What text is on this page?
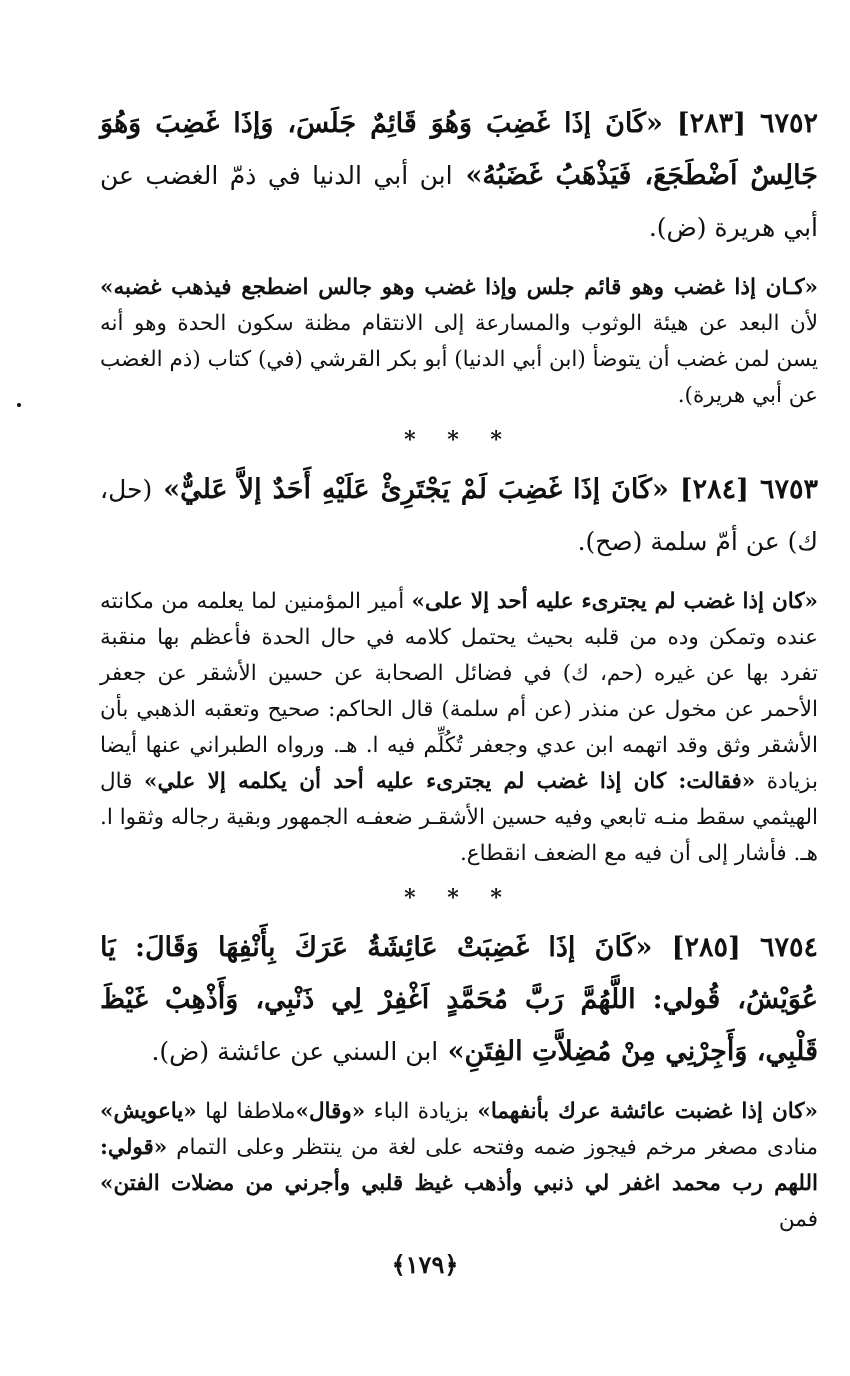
٦٧٥٢ [٢٨٣] «كَانَ إذَا غَضِبَ وَهُوَ قَائِمٌ جَلَسَ، وَإذَا غَضِبَ وَهُوَ جَالِسٌ اَضْطَجَعَ، فَيَذْهَبُ غَضَبُهُ» ابن أبي الدنيا في ذمّ الغضب عن أبي هريرة (ض).

«كـان إذا غضب وهو قائم جلس وإذا غضب وهو جالس اضطجع فيذهب غضبه» لأن البعد عن هيئة الوثوب والمسارعة إلى الانتقام مظنة سكون الحدة وهو أنه يسن لمن غضب أن يتوضأ (ابن أبي الدنيا) أبو بكر القرشي (في) كتاب (ذم الغضب عن أبي هريرة).

* * *

٦٧٥٣ [٢٨٤] «كَانَ إذَا غَضِبَ لَمْ يَجْتَرِئْ عَلَيْهِ أَحَدٌ إلاَّ عَليٌّ» (حل، ك) عن أمّ سلمة (صح).

«كان إذا غضب لم يجترىء عليه أحد إلا على» أمير المؤمنين لما يعلمه من مكانته عنده وتمكن وده من قلبه بحيث يحتمل كلامه في حال الحدة فأعظم بها منقبة تفرد بها عن غيره (حم، ك) في فضائل الصحابة عن حسين الأشقر عن جعفر الأحمر عن مخول عن منذر (عن أم سلمة) قال الحاكم: صحيح وتعقبه الذهبي بأن الأشقر وثق وقد اتهمه ابن عدي وجعفر تُكُلِّم فيه ا. هـ. ورواه الطبراني عنها أيضا بزيادة «فقالت: كان إذا غضب لم يجترىء عليه أحد أن يكلمه إلا علي» قال الهيثمي سقط منـه تابعي وفيه حسين الأشقـر ضعفـه الجمهور وبقية رجاله وثقوا ا. هـ. فأشار إلى أن فيه مع الضعف انقطاع.

* * *

٦٧٥٤ [٢٨٥] «كَانَ إذَا غَضِبَتْ عَائِشَةُ عَرَكَ بِأَنْفِهَا وَقَالَ: يَا عُوَيْشُ، قُولي: اللَّهُمَّ رَبَّ مُحَمَّدٍ اَغْفِرْ لِي ذَنْبِي، وَأَذْهِبْ غَيْظَ قَلْبِي، وَأَجِرْنِي مِنْ مُضِلاَّتِ الفِتَنِ» ابن السني عن عائشة (ض).

«كان إذا غضبت عائشة عرك بأنفهما» بزيادة الباء «وقال»ملاطفا لها «ياعويش» منادى مصغر مرخم فيجوز ضمه وفتحه على لغة من ينتظر وعلى التمام «قولي: اللهم رب محمد اغفر لي ذنبي وأذهب غيظ قلبي وأجرني من مضلات الفتن» فمن

﴿١٧٩﴾
